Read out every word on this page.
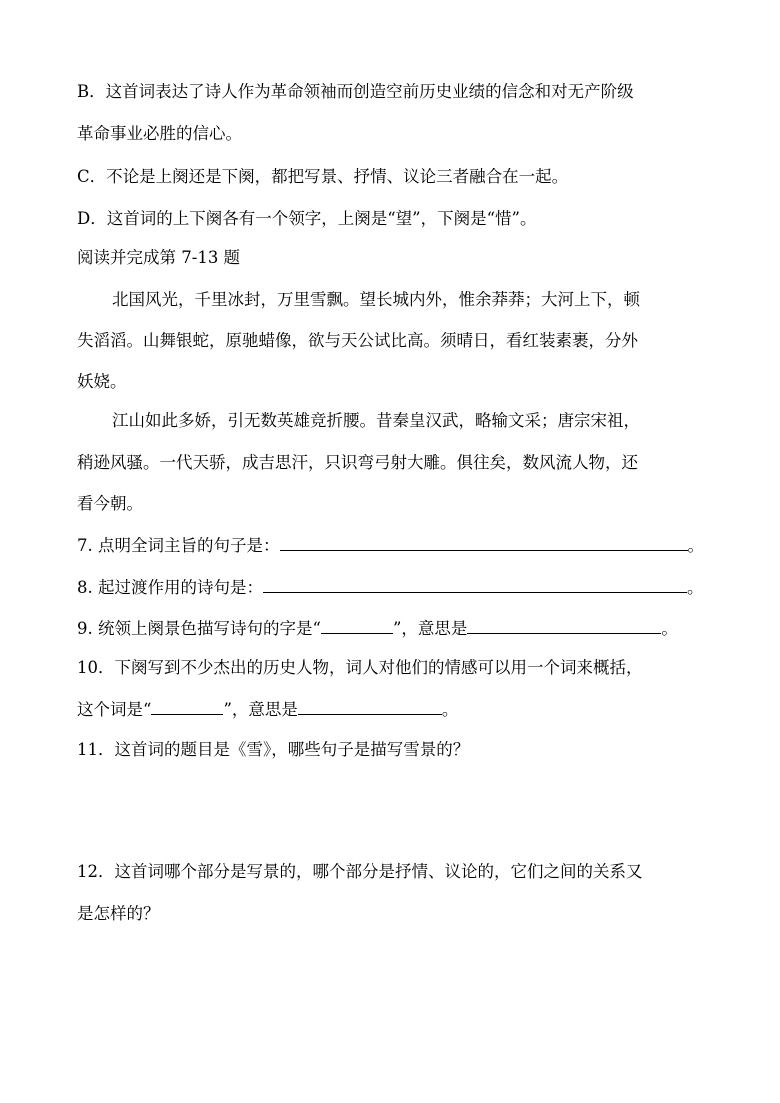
B．这首词表达了诗人作为革命领袖而创造空前历史业绩的信念和对无产阶级
革命事业必胜的信心。
C．不论是上阕还是下阕，都把写景、抒情、议论三者融合在一起。
D．这首词的上下阕各有一个领字，上阕是“望”，下阕是“惜”。
阅读并完成第 7-13 题
北国风光，千里冰封，万里雪飘。望长城内外，惟余莽莽；大河上下，顿
失滔滔。山舞银蛇，原驰蜡像，欲与天公试比高。须晴日，看红装素裹，分外
妖娆。
江山如此多娇，引无数英雄竞折腰。昔秦皇汉武，略输文采；唐宗宋祖，
稍逊风骚。一代天骄，成吉思汗，只识弯弓射大雕。俱往矣，数风流人物，还
看今朝。
7. 点明全词主旨的句子是：	。
8. 起过渡作用的诗句是：	。
9. 统领上阕景色描写诗句的字是“	”，意思是	。
10．下阕写到不少杰出的历史人物，词人对他们的情感可以用一个词来概括，
这个词是“	”，意思是	。
11．这首词的题目是《雪》，哪些句子是描写雪景的？
12．这首词哪个部分是写景的，哪个部分是抒情、议论的，它们之间的关系又
是怎样的？
